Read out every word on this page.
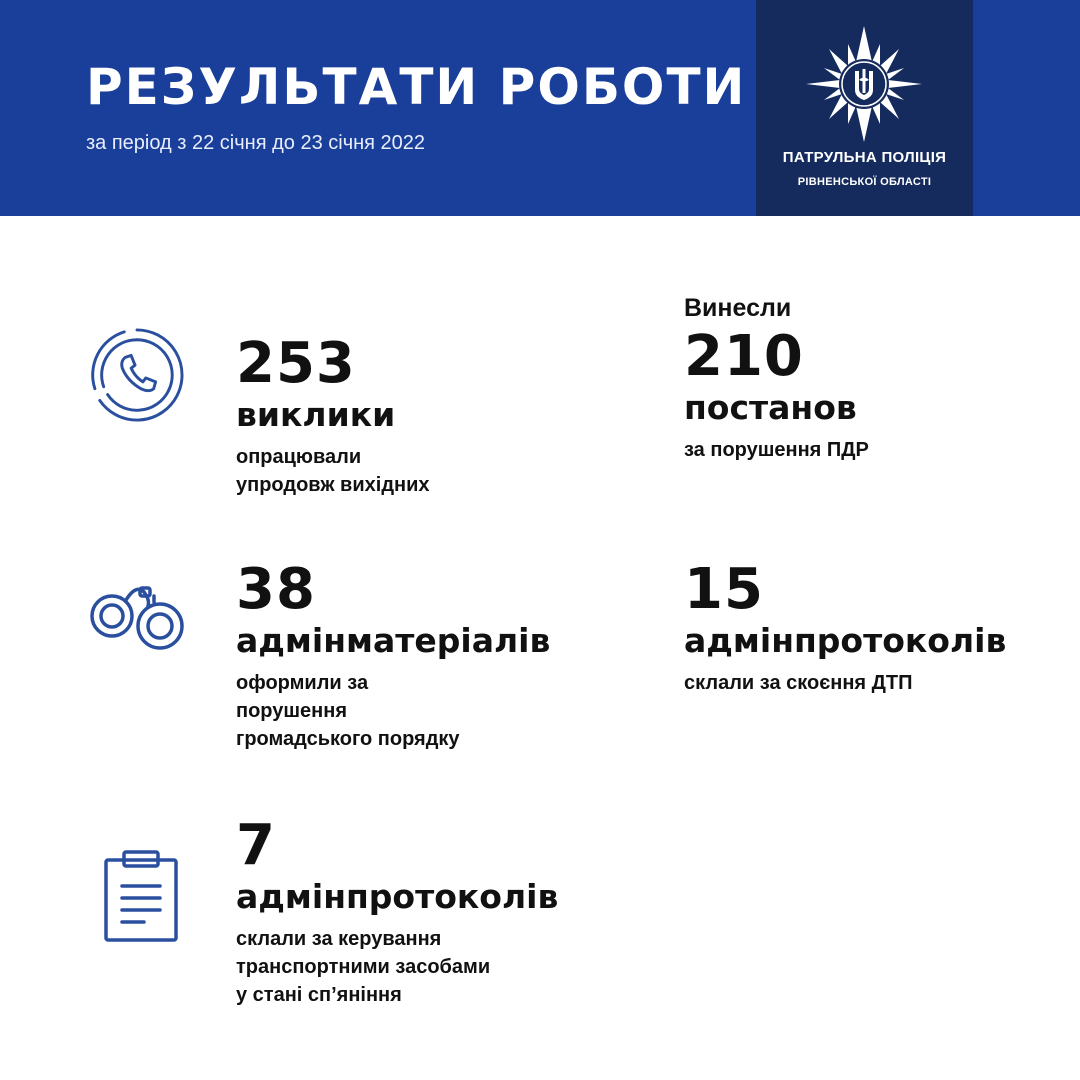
РЕЗУЛЬТАТИ РОБОТИ
за період з 22 січня до 23 січня 2022
ПАТРУЛЬНА ПОЛІЦІЯ
РІВНЕНСЬКОЇ ОБЛАСТІ
253
виклики
опрацювали
упродовж вихідних
Винесли
210
постанов
за порушення ПДР
38
адмінматеріалів
оформили за
порушення
громадського порядку
15
адмінпротоколів
склали за скоєння ДТП
7
адмінпротоколів
склали за керування
транспортними засобами
у стані сп’яніння
